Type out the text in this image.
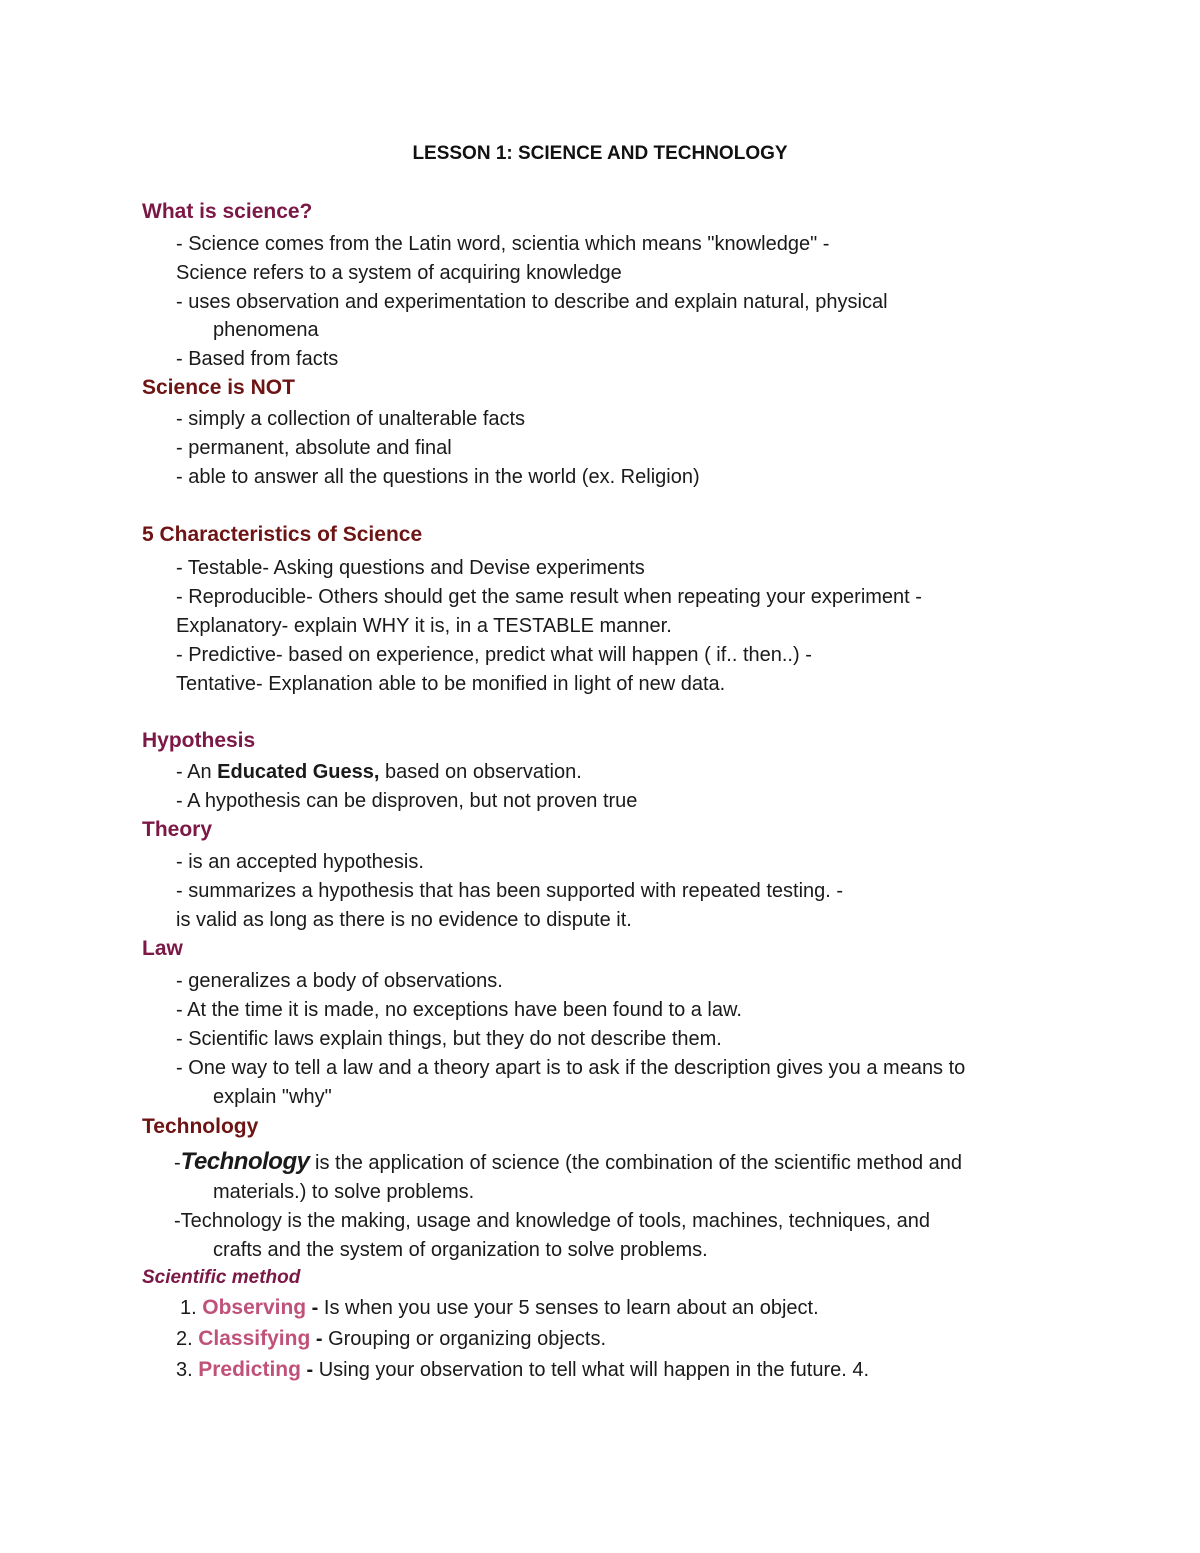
LESSON 1: SCIENCE AND TECHNOLOGY
What is science?
- Science comes from the Latin word, scientia which means "knowledge" -
Science refers to a system of acquiring knowledge
- uses observation and experimentation to describe and explain natural, physical
phenomena
- Based from facts
Science is NOT
- simply a collection of unalterable facts
- permanent, absolute and final
- able to answer all the questions in the world (ex. Religion)
5 Characteristics of Science
- Testable- Asking questions and Devise experiments
- Reproducible- Others should get the same result when repeating your experiment -
Explanatory- explain WHY it is, in a TESTABLE manner.
- Predictive- based on experience, predict what will happen ( if.. then..) -
Tentative- Explanation able to be monified in light of new data.
Hypothesis
- An Educated Guess, based on observation.
- A hypothesis can be disproven, but not proven true
Theory
- is an accepted hypothesis.
- summarizes a hypothesis that has been supported with repeated testing. -
is valid as long as there is no evidence to dispute it.
Law
- generalizes a body of observations.
- At the time it is made, no exceptions have been found to a law.
- Scientific laws explain things, but they do not describe them.
- One way to tell a law and a theory apart is to ask if the description gives you a means to
explain "why"
Technology
-Technology is the application of science (the combination of the scientific method and
materials.) to solve problems.
-Technology is the making, usage and knowledge of tools, machines, techniques, and
crafts and the system of organization to solve problems.
Scientific method
1. Observing - Is when you use your 5 senses to learn about an object.
2. Classifying - Grouping or organizing objects.
3. Predicting - Using your observation to tell what will happen in the future. 4.
